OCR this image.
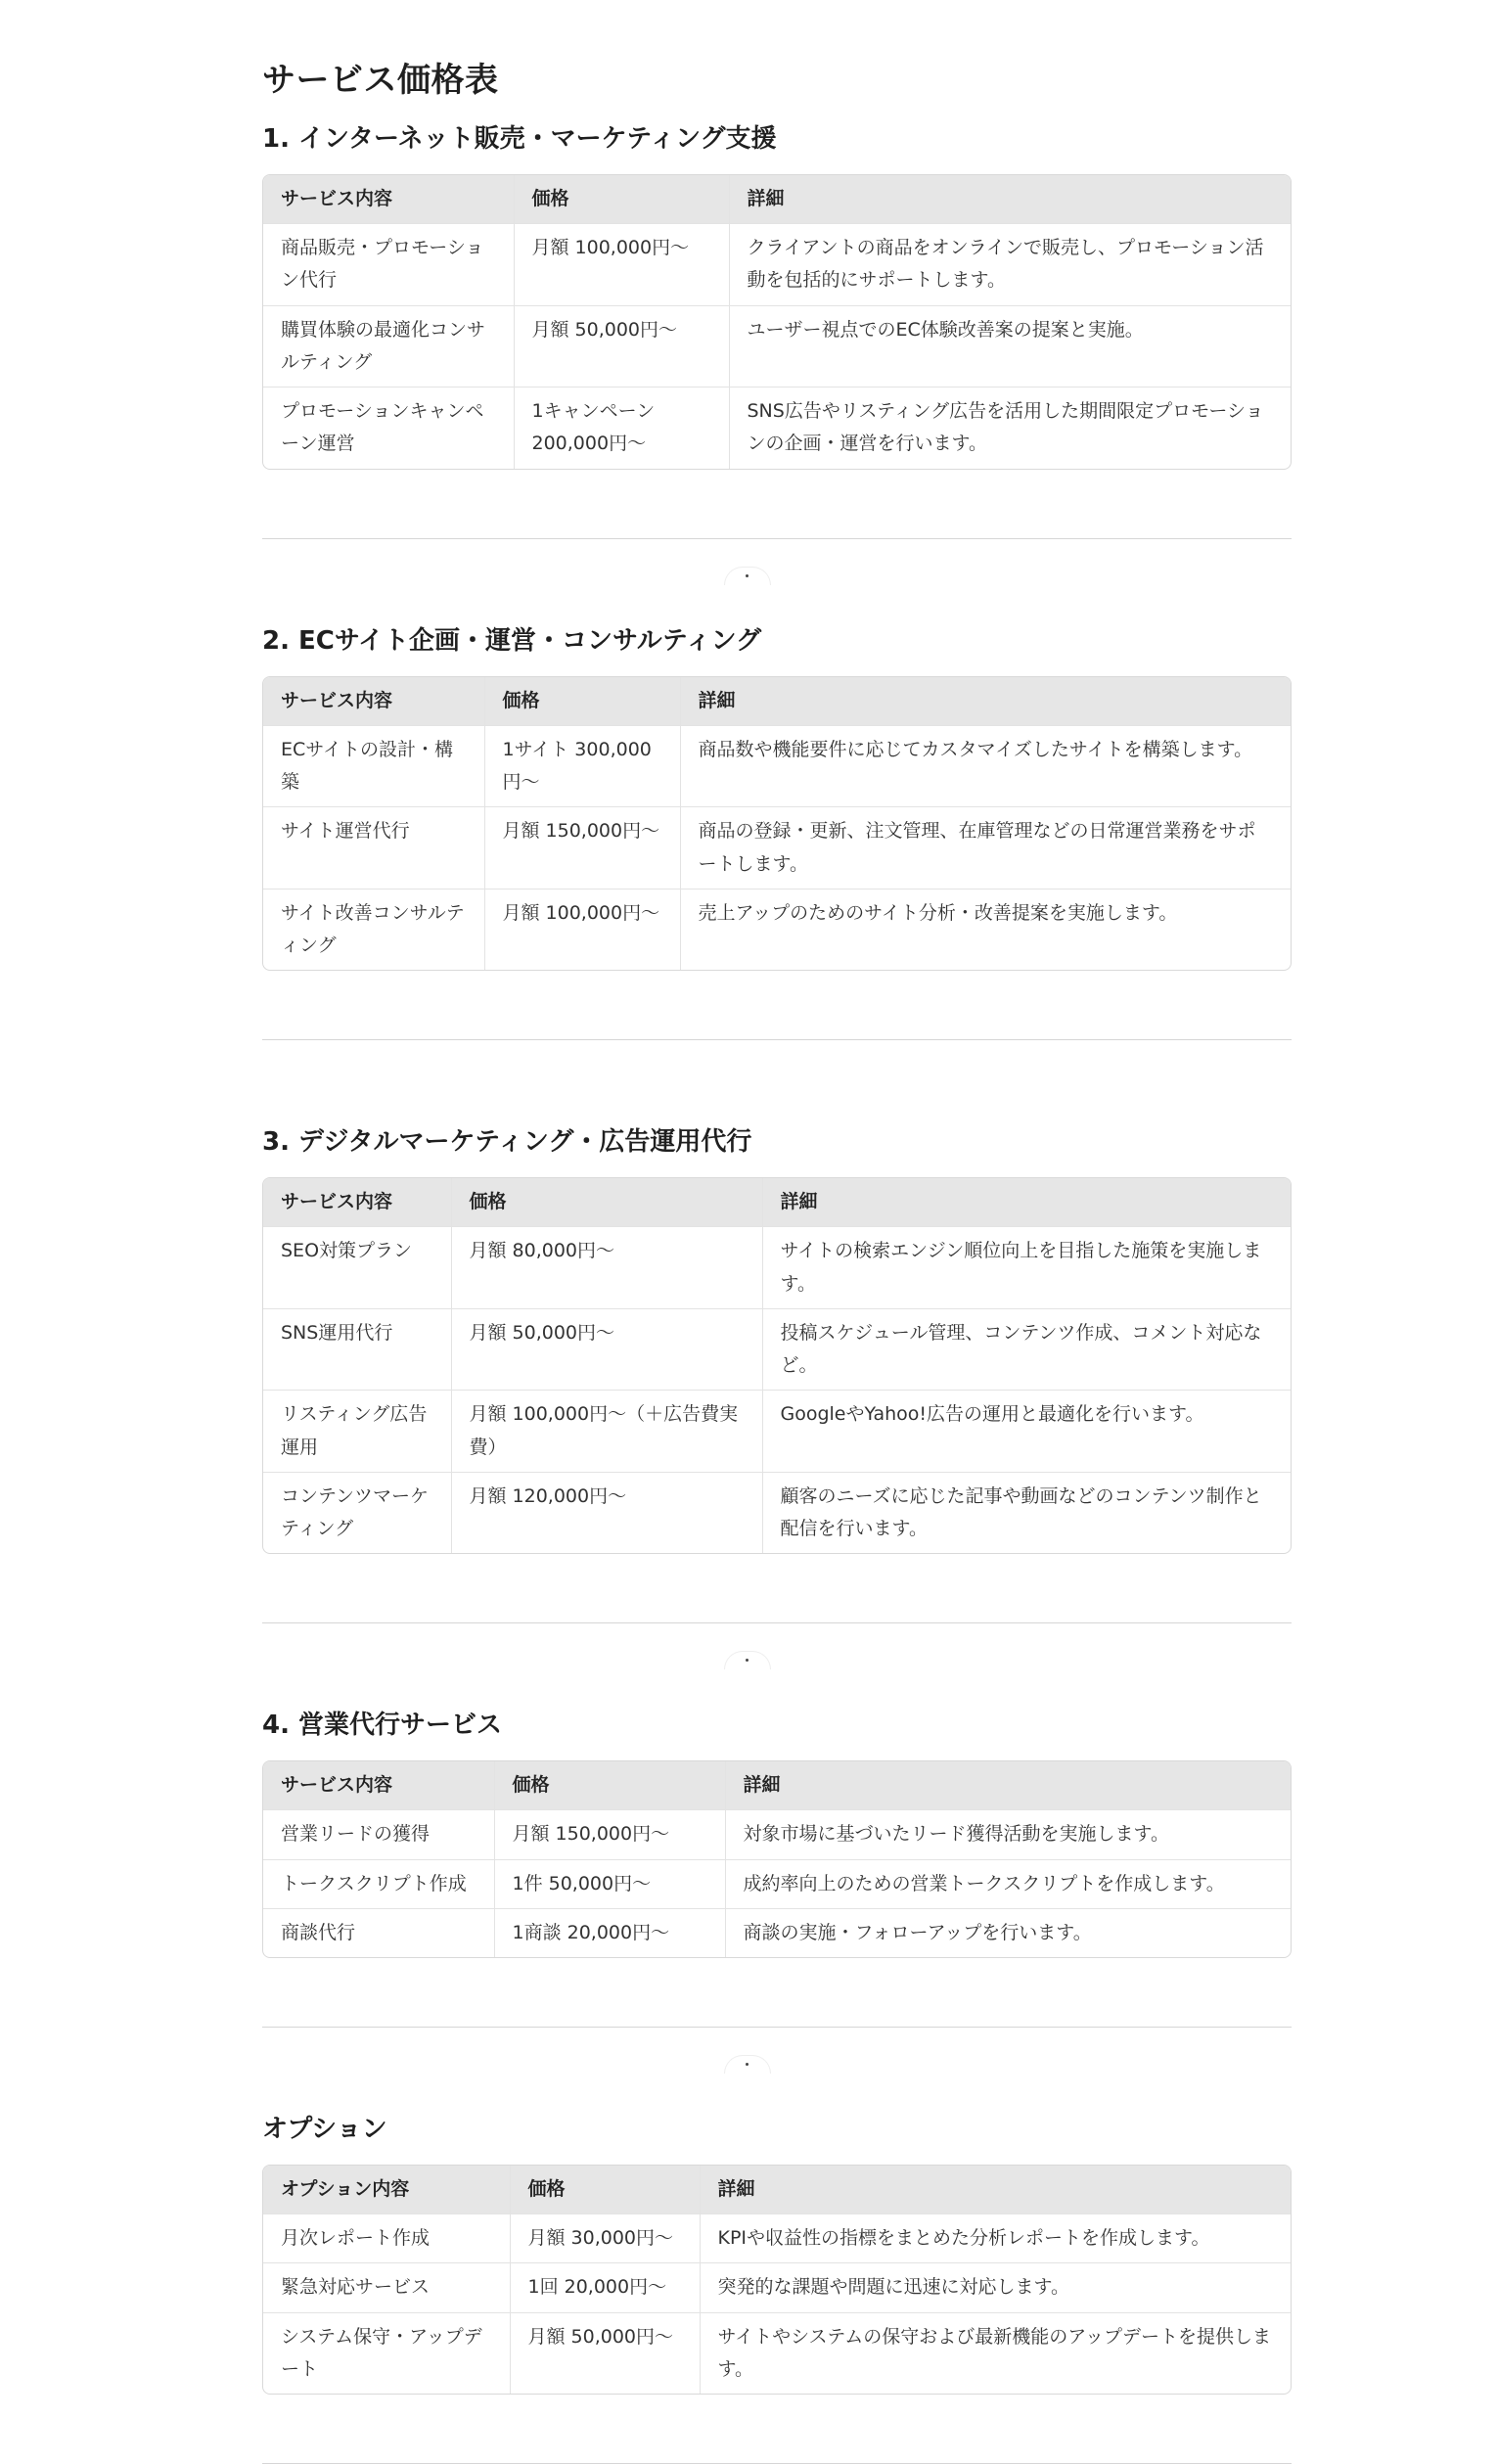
サービス価格表
1. インターネット販売・マーケティング支援
サービス内容	価格	詳細
商品販売・プロモーション代行	月額 100,000円〜	クライアントの商品をオンラインで販売し、プロモーション活動を包括的にサポートします。
購買体験の最適化コンサルティング	月額 50,000円〜	ユーザー視点でのEC体験改善案の提案と実施。
プロモーションキャンペーン運営	1キャンペーン 200,000円〜	SNS広告やリスティング広告を活用した期間限定プロモーションの企画・運営を行います。
2. ECサイト企画・運営・コンサルティング
サービス内容	価格	詳細
ECサイトの設計・構築	1サイト 300,000円〜	商品数や機能要件に応じてカスタマイズしたサイトを構築します。
サイト運営代行	月額 150,000円〜	商品の登録・更新、注文管理、在庫管理などの日常運営業務をサポートします。
サイト改善コンサルティング	月額 100,000円〜	売上アップのためのサイト分析・改善提案を実施します。
3. デジタルマーケティング・広告運用代行
サービス内容	価格	詳細
SEO対策プラン	月額 80,000円〜	サイトの検索エンジン順位向上を目指した施策を実施します。
SNS運用代行	月額 50,000円〜	投稿スケジュール管理、コンテンツ作成、コメント対応など。
リスティング広告運用	月額 100,000円〜（＋広告費実費）	GoogleやYahoo!広告の運用と最適化を行います。
コンテンツマーケティング	月額 120,000円〜	顧客のニーズに応じた記事や動画などのコンテンツ制作と配信を行います。
4. 営業代行サービス
サービス内容	価格	詳細
営業リードの獲得	月額 150,000円〜	対象市場に基づいたリード獲得活動を実施します。
トークスクリプト作成	1件 50,000円〜	成約率向上のための営業トークスクリプトを作成します。
商談代行	1商談 20,000円〜	商談の実施・フォローアップを行います。
オプション
オプション内容	価格	詳細
月次レポート作成	月額 30,000円〜	KPIや収益性の指標をまとめた分析レポートを作成します。
緊急対応サービス	1回 20,000円〜	突発的な課題や問題に迅速に対応します。
システム保守・アップデート	月額 50,000円〜	サイトやシステムの保守および最新機能のアップデートを提供します。
